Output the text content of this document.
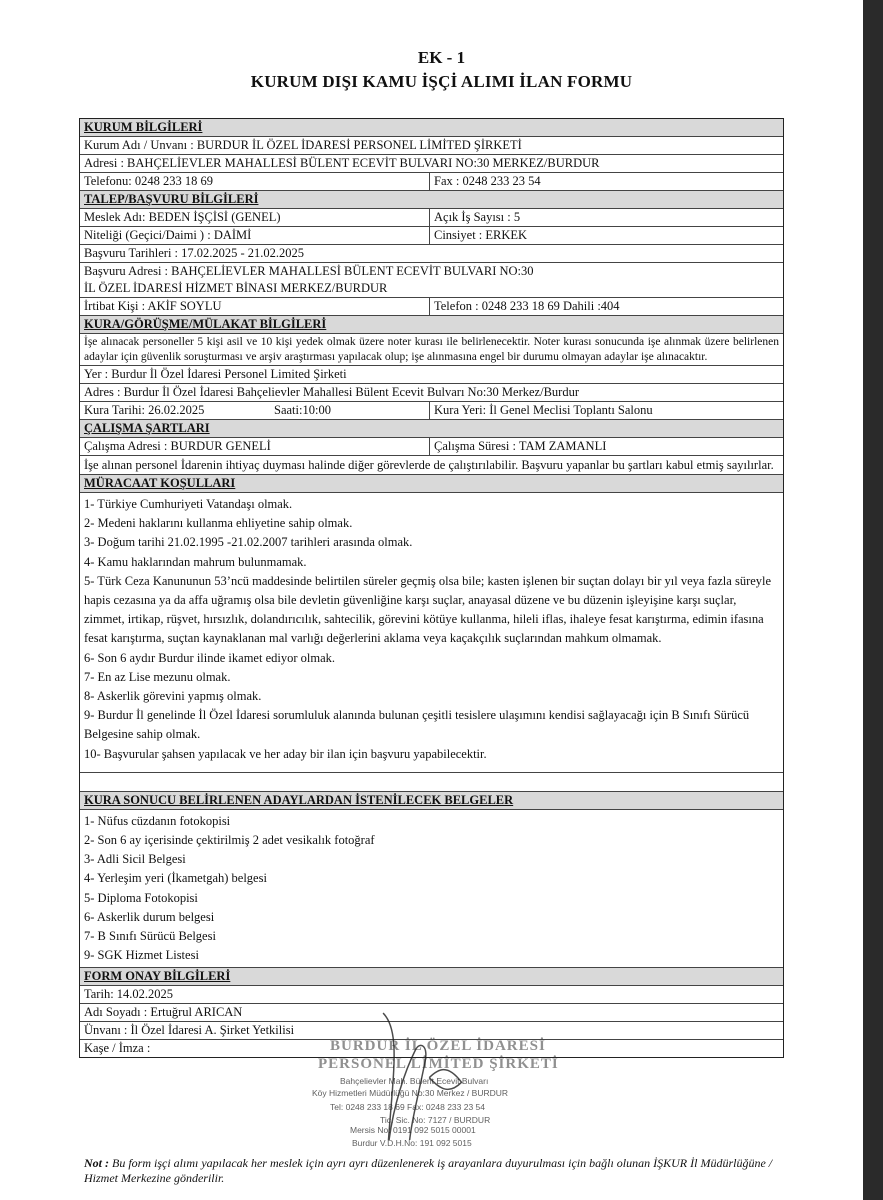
EK - 1
KURUM DIŞI KAMU İŞÇİ ALIMI İLAN FORMU
KURUM BİLGİLERİ
Kurum Adı / Unvanı : BURDUR İL ÖZEL İDARESİ PERSONEL LİMİTED ŞİRKETİ
Adresi : BAHÇELİEVLER MAHALLESİ BÜLENT ECEVİT BULVARI NO:30 MERKEZ/BURDUR
Telefonu: 0248 233 18 69	Fax : 0248 233 23 54
TALEP/BAŞVURU BİLGİLERİ
Meslek Adı: BEDEN İŞÇİSİ (GENEL)	Açık İş Sayısı : 5
Niteliği (Geçici/Daimi ) : DAİMİ	Cinsiyet : ERKEK
Başvuru Tarihleri : 17.02.2025 - 21.02.2025
Başvuru Adresi : BAHÇELİEVLER MAHALLESİ BÜLENT ECEVİT BULVARI NO:30
İL ÖZEL İDARESİ HİZMET BİNASI MERKEZ/BURDUR
İrtibat Kişi : AKİF SOYLU	Telefon : 0248 233 18 69 Dahili :404
KURA/GÖRÜŞME/MÜLAKAT BİLGİLERİ
İşe alınacak personeller 5 kişi asil ve 10 kişi yedek olmak üzere noter kurası ile belirlenecektir. Noter kurası sonucunda işe alınmak üzere belirlenen adaylar için güvenlik soruşturması ve arşiv araştırması yapılacak olup; işe alınmasına engel bir durumu olmayan adaylar işe alınacaktır.
Yer : Burdur İl Özel İdaresi Personel Limited Şirketi
Adres : Burdur İl Özel İdaresi Bahçelievler Mahallesi Bülent Ecevit Bulvarı No:30 Merkez/Burdur
Kura Tarihi: 26.02.2025	Saati:10:00	Kura Yeri: İl Genel Meclisi Toplantı Salonu
ÇALIŞMA ŞARTLARI
Çalışma Adresi : BURDUR GENELİ	Çalışma Süresi : TAM ZAMANLI
İşe alınan personel İdarenin ihtiyaç duyması halinde diğer görevlerde de çalıştırılabilir. Başvuru yapanlar bu şartları kabul etmiş sayılırlar.
MÜRACAAT KOŞULLARI
1- Türkiye Cumhuriyeti Vatandaşı olmak.
2- Medeni haklarını kullanma ehliyetine sahip olmak.
3- Doğum tarihi 21.02.1995 -21.02.2007 tarihleri arasında olmak.
4- Kamu haklarından mahrum bulunmamak.
5- Türk Ceza Kanununun 53’ncü maddesinde belirtilen süreler geçmiş olsa bile; kasten işlenen bir suçtan dolayı bir yıl veya fazla süreyle hapis cezasına ya da affa uğramış olsa bile devletin güvenliğine karşı suçlar, anayasal düzene ve bu düzenin işleyişine karşı suçlar, zimmet, irtikap, rüşvet, hırsızlık, dolandırıcılık, sahtecilik, görevini kötüye kullanma, hileli iflas, ihaleye fesat karıştırma, edimin ifasına fesat karıştırma, suçtan kaynaklanan mal varlığı değerlerini aklama veya kaçakçılık suçlarından mahkum olmamak.
6- Son 6 aydır Burdur ilinde ikamet ediyor olmak.
7- En az Lise mezunu olmak.
8- Askerlik görevini yapmış olmak.
9- Burdur İl genelinde İl Özel İdaresi sorumluluk alanında bulunan çeşitli tesislere ulaşımını kendisi sağlayacağı için B Sınıfı Sürücü Belgesine sahip olmak.
10- Başvurular şahsen yapılacak ve her aday bir ilan için başvuru yapabilecektir.
KURA SONUCU BELİRLENEN ADAYLARDAN İSTENİLECEK BELGELER
1- Nüfus cüzdanın fotokopisi
2- Son 6 ay içerisinde çektirilmiş 2 adet vesikalık fotoğraf
3- Adli Sicil Belgesi
4- Yerleşim yeri (İkametgah) belgesi
5- Diploma Fotokopisi
6- Askerlik durum belgesi
7- B Sınıfı Sürücü Belgesi
9- SGK Hizmet Listesi
FORM ONAY BİLGİLERİ
Tarih: 14.02.2025
Adı Soyadı : Ertuğrul ARICAN
Ünvanı : İl Özel İdaresi A. Şirket Yetkilisi
Kaşe / İmza :	BURDUR İL ÖZEL İDARESİ
PERSONEL LİMİTED ŞİRKETİ
Bahçelievler Mah. Bülent Ecevit Bulvarı
Köy Hizmetleri Müdürlüğü No:30 Merkez / BURDUR
Tel: 0248 233 18 69 Fax: 0248 233 23 54
Tic. Sic. No: 7127 / BURDUR
Mersis No: 0191 092 5015 00001
Burdur V.D.H.No: 191 092 5015
Not : Bu form işçi alımı yapılacak her meslek için ayrı ayrı düzenlenerek iş arayanlara duyurulması için bağlı olunan İŞKUR İl Müdürlüğüne / Hizmet Merkezine gönderilir.
